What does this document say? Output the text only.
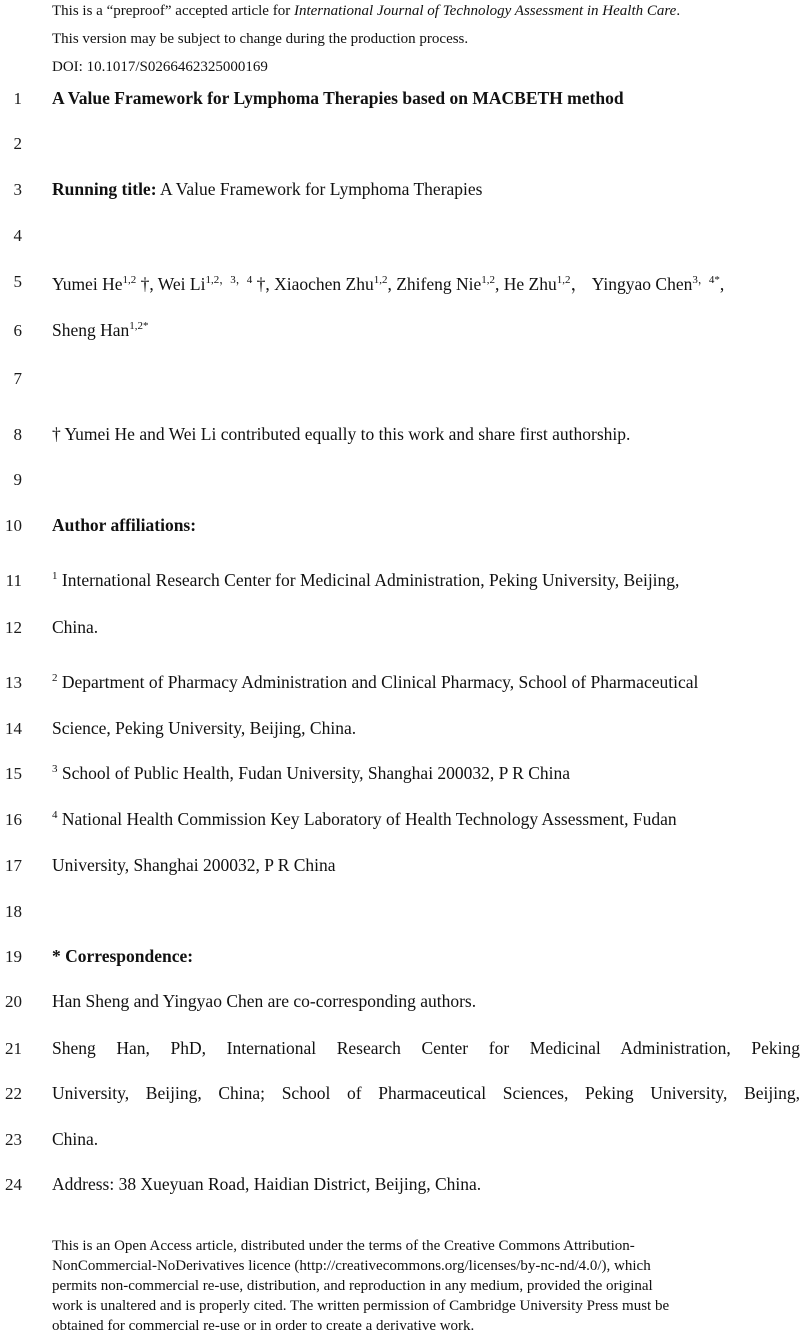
This is a “preproof” accepted article for International Journal of Technology Assessment in Health Care.
This version may be subject to change during the production process.
DOI: 10.1017/S0266462325000169
1
2
3
4
5
6
7
8
9
10
11
12
13
14
15
16
17
18
19
20
21
22
23
24
A Value Framework for Lymphoma Therapies based on MACBETH method
Running title: A Value Framework for Lymphoma Therapies
Yumei He$^{1,2}$ †, Wei $Li^{1,2,3,4}$ †, Xiaochen Zhu$^{1,2}$, Zhifeng Nie$^{1,2}$, He Zhu$^{1,2}$， Yingyao Chen$^{3,4*}$,
Sheng Han$^{1,2*}$
† Yumei He and Wei Li contributed equally to this work and share first authorship.
Author affiliations:
$^1$ International Research Center for Medicinal Administration, Peking University, Beijing,
China.
$^2$ Department of Pharmacy Administration and Clinical Pharmacy, School of Pharmaceutical
Science, Peking University, Beijing, China.
$^3$ School of Public Health, Fudan University, Shanghai 200032, P R China
$^4$ National Health Commission Key Laboratory of Health Technology Assessment, Fudan
University, Shanghai 200032, P R China
* Correspondence:
Han Sheng and Yingyao Chen are co-corresponding authors.
Sheng Han, PhD, International Research Center for Medicinal Administration, Peking
University, Beijing, China; School of Pharmaceutical Sciences, Peking University, Beijing,
China.
Address: 38 Xueyuan Road, Haidian District, Beijing, China.
This is an Open Access article, distributed under the terms of the Creative Commons Attribution-
NonCommercial-NoDerivatives licence (http://creativecommons.org/licenses/by-nc-nd/4.0/), which
permits non-commercial re-use, distribution, and reproduction in any medium, provided the original
work is unaltered and is properly cited. The written permission of Cambridge University Press must be
obtained for commercial re-use or in order to create a derivative work.
